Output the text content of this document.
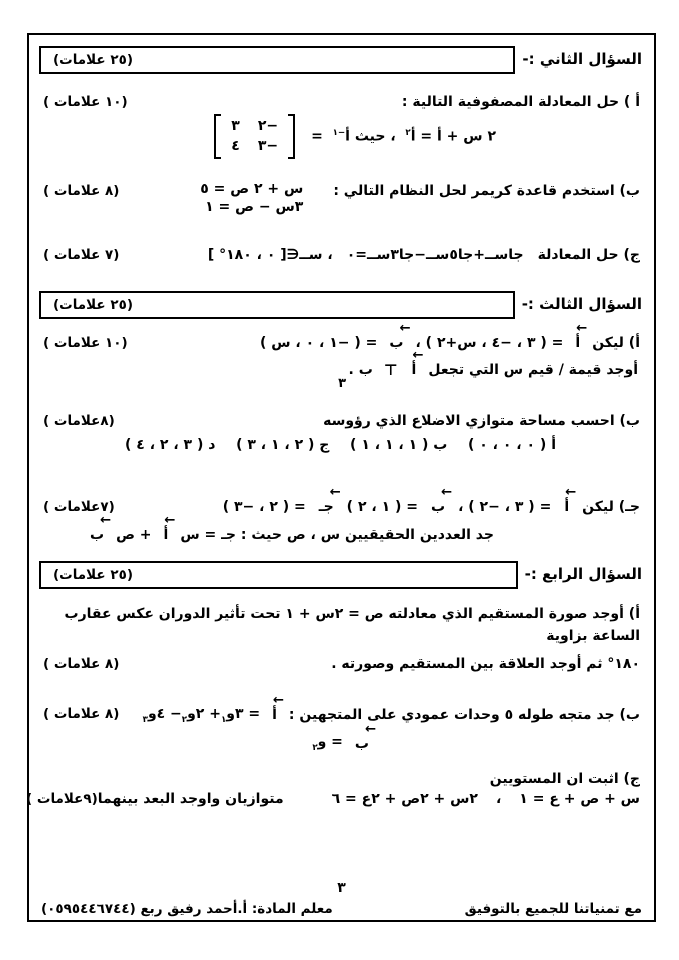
السؤال الثاني :-
(٢٥ علامات)
أ ) حل المعادلة المصفوفية التالية :
( ١٠ علامات)
٢ س + أ = أ$^٢$  ، حيث أ$^{-١}$  =
−٢
٣
−٣
٤
ب) استخدم قاعدة كريمر لحل النظام التالي :
س + ٢ ص = ٥
٣س − ص = ١
( ٨ علامات)
ج) حل المعادلة
جاســ+جا٥ســ−جا٣ســ=٠
، ســ∈[ ٠ ، ١٨٠° ]
( ٧ علامات)
السؤال الثالث :-
(٢٥ علامات)
أ) ليكن
أ
←
= ( ٣ ، −٤ ، س+٢ ) ،
ب
←
= ( −١ ، ٠ ، س )
( ١٠ علامات)
أوجد قيمة / قيم س التي تجعل
أ
←
⊤
ب .
٣
ب) احسب مساحة متوازي الاضلاع الذي رؤوسه
( ٨علامات)
أ ( ٠ ، ٠ ، ٠ )
ب ( ١ ، ١ ، ١ )
ج ( ٢ ، ١ ، ٣ )
د ( ٣ ، ٢ ، ٤ )
جـ) ليكن
أ
←
= ( ٣ ، −٢ ) ،
ب
←
= ( ١ ، ٢ )
جـ
←
= ( ٢ ، −٣ )
( ٧علامات)
جد العددين الحقيقيين س ، ص حيث : جـ = س
أ
←
+ ص
ب
←
السؤال الرابع :-
(٢٥ علامات)
أ) أوجد صورة المستقيم الذي معادلته ص = ٢س + ١ تحت تأثير الدوران عكس عقارب الساعة بزاوية
١٨٠° ثم أوجد العلاقة بين المستقيم وصورته .
( ٨ علامات)
ب) جد متجه طوله ٥ وحدات عمودي على المتجهين :
أ
←
= ٣و$_١$+ ٢و$_٢$− ٤و$_٣$
( ٨ علامات)
ب
←
= و$_٢$
ج) اثبت ان المستويين
س + ص + ع = ١
،
٢س + ٢ص + ٢ع = ٦
متوازيان واوجد البعد بينهما
( ٩علامات)
٣
مع تمنياتنا للجميع بالتوفيق
معلم المادة: أ.أحمد رفيق ربع (٠٥٩٥٤٤٦٧٤٤)
